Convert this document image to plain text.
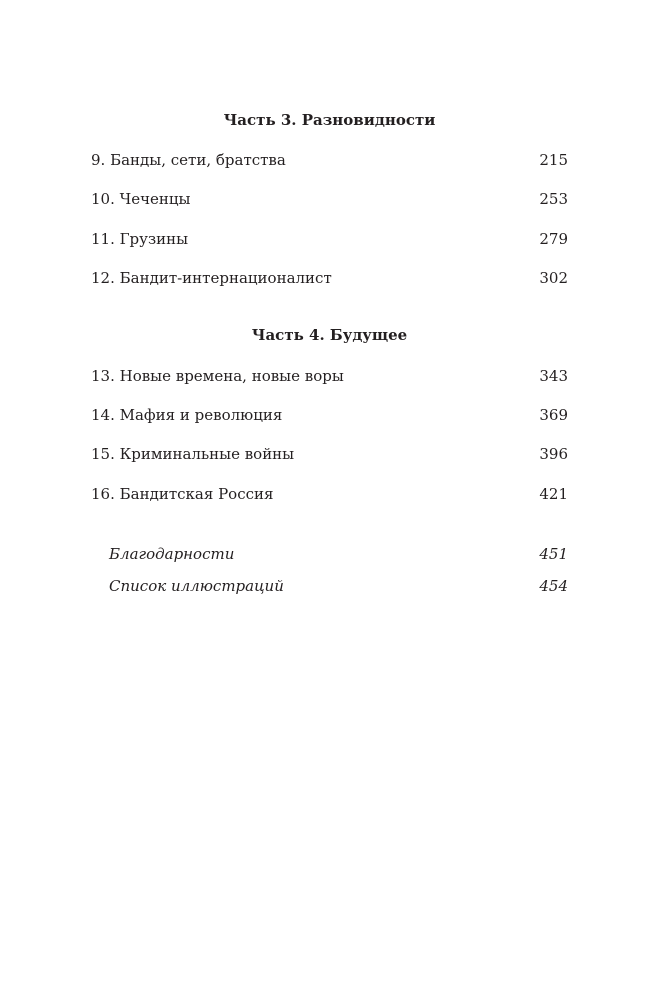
Часть 3. Разновидности
9. Банды, сети, братства	215
10. Чеченцы	253
11. Грузины	279
12. Бандит-интернационалист	302
Часть 4. Будущее
13. Новые времена, новые воры	343
14. Мафия и революция	369
15. Криминальные войны	396
16. Бандитская Россия	421
Благодарности	451
Список иллюстраций	454
